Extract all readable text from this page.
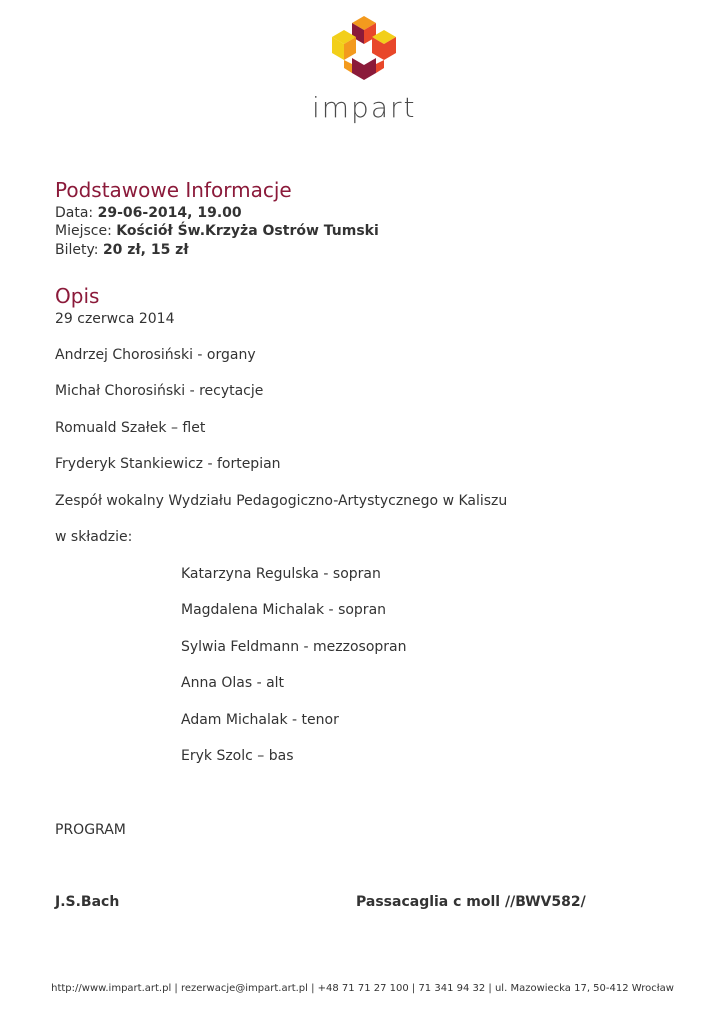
impart
Podstawowe Informacje
Data: 29-06-2014, 19.00
Miejsce: Kościół Św.Krzyża Ostrów Tumski
Bilety: 20 zł, 15 zł
Opis
29 czerwca 2014
Andrzej Chorosiński - organy
Michał Chorosiński - recytacje
Romuald Szałek – flet
Fryderyk Stankiewicz - fortepian
Zespół wokalny Wydziału Pedagogiczno-Artystycznego w Kaliszu
w składzie:
Katarzyna Regulska - sopran
Magdalena Michalak - sopran
Sylwia Feldmann - mezzosopran
Anna Olas - alt
Adam Michalak - tenor
Eryk Szolc – bas
PROGRAM
J.S.Bach	Passacaglia c moll //BWV582/
http://www.impart.art.pl | rezerwacje@impart.art.pl | +48 71 71 27 100 | 71 341 94 32 | ul. Mazowiecka 17, 50-412 Wrocław
